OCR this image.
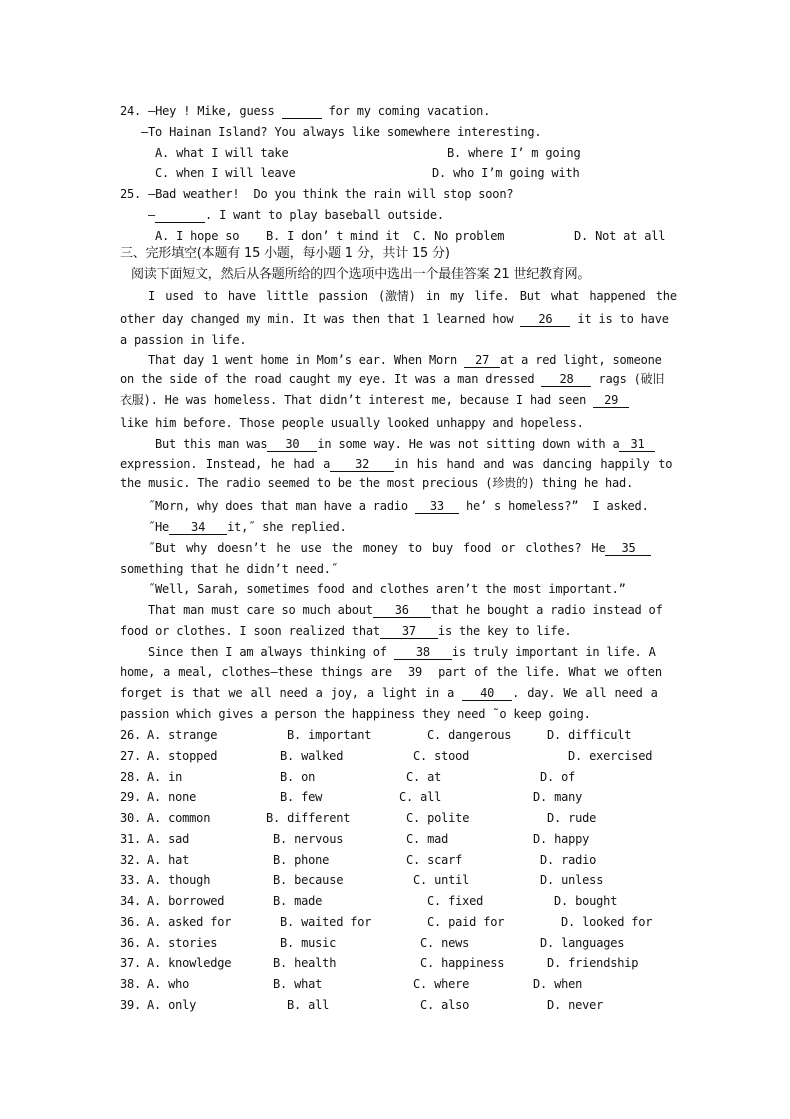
24. —Hey ! Mike, guess	for my coming vacation.
—To Hainan Island? You always like somewhere interesting.
A. what I will take	B. where I’ m going
C. when I will leave	D. who I’m going with
25. —Bad weather!  Do you think the rain will stop soon?
—	. I want to play baseball outside.
A. I hope so B. I don’ t mind it C. No problem	D. Not at all
三、完形填空(本题有 15 小题，每小题 1 分，共计 15 分)
阅读下面短文，然后从各题所给的四个选项中选出一个最佳答案 21 世纪教育网。
I used to have little passion (激情) in my life. But what happened the
other day changed my min. It was then that 1 learned how 26 it is to have
a passion in life.
That day 1 went home in Mom’s ear. When Morn 27 at a red light, someone
on the side of the road caught my eye. It was a man dressed 28 rags (破旧
衣服). He was homeless. That didn’t interest me, because I had seen 29
like him before. Those people usually looked unhappy and hopeless.
But this man was 30 in some way. He was not sitting down with a 31
expression. Instead, he had a 32 in his hand and was dancing happily to
the music. The radio seemed to be the most precious (珍贵的) thing he had.
˝Morn, why does that man have a radio 33 he’ s homeless?”  I asked.
˝He 34 it,˝ she replied.
˝But why doesn’t he use the money to buy food or clothes? He 35
something that he didn’t need.˝
˝Well, Sarah, sometimes food and clothes aren’t the most important.”
That man must care so much about 36 that he bought a radio instead of
food or clothes. I soon realized that 37 is the key to life.
Since then I am always thinking of 38 is truly important in life. A
home, a meal, clothes—these things are  39  part of the life. What we often
forget is that we all need a joy, a light in a 40 . day. We all need a
passion which gives a person the happiness they need ˜o keep going.
26. A. strange	B. important	C. dangerous	D. difficult
27. A. stopped	B. walked	C. stood	D. exercised
28. A. in	B. on	C. at	D. of
29. A. none	B. few	C. all	D. many
30. A. common	B. different	C. polite	D. rude
31. A. sad	B. nervous	C. mad	D. happy
32. A. hat	B. phone	C. scarf	D. radio
33. A. though	B. because	C. until	D. unless
34. A. borrowed	B. made	C. fixed	D. bought
36. A. asked for	B. waited for	C. paid for	D. looked for
36. A. stories	B. music	C. news	D. languages
37. A. knowledge	B. health	C. happiness	D. friendship
38. A. who	B. what	C. where	D. when
39. A. only	B. all	C. also	D. never
